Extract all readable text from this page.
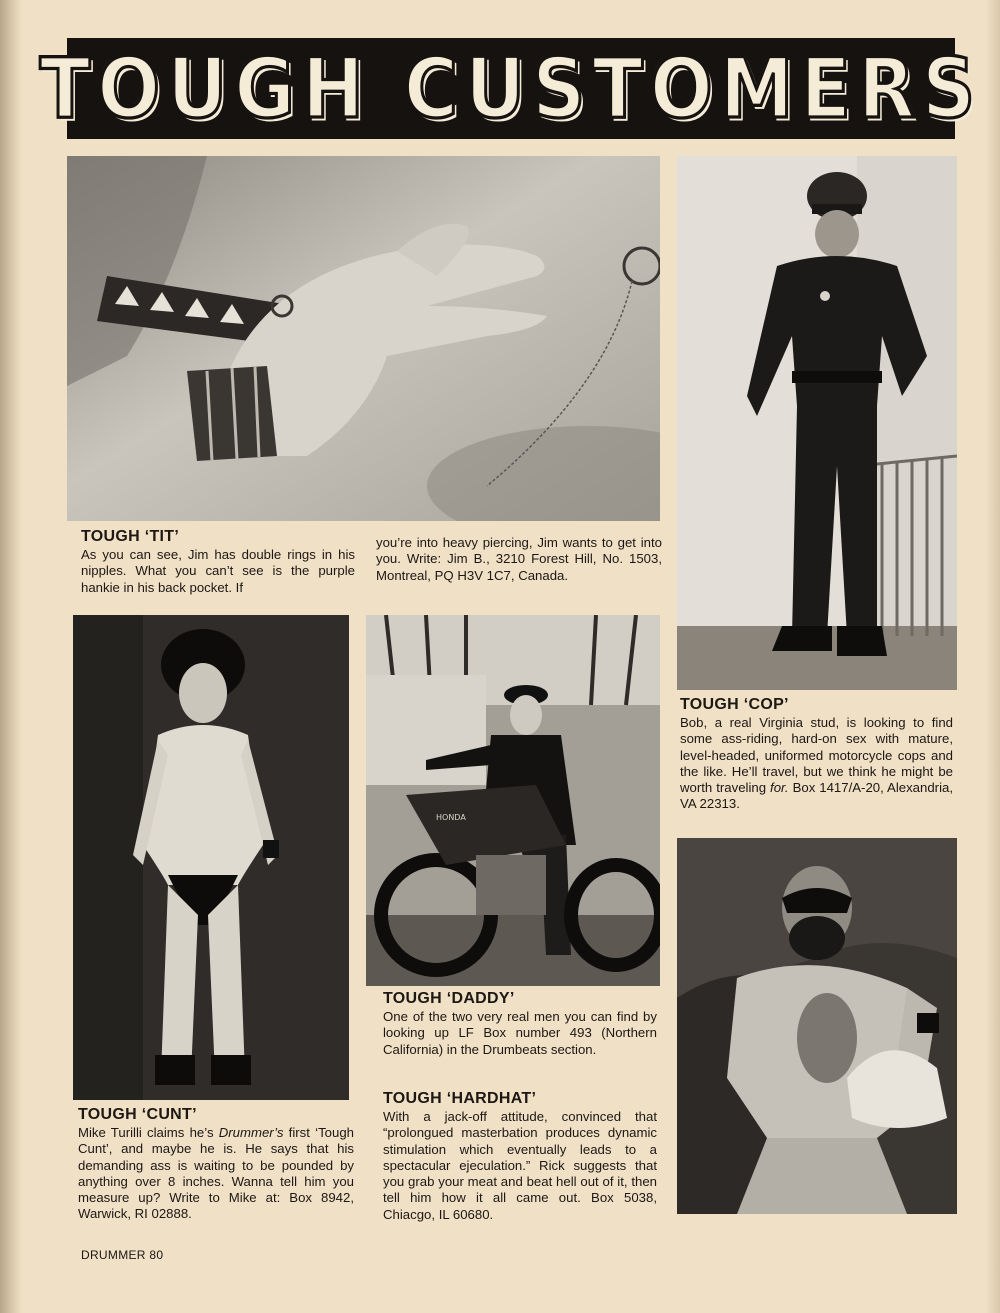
TOUGH CUSTOMERS
HONDA
TOUGH ‘TIT’

As you can see, Jim has double rings in his nipples. What you can’t see is the purple hankie in his back pocket. If

you’re into heavy piercing, Jim wants to get into you. Write: Jim B., 3210 Forest Hill, No. 1503, Montreal, PQ H3V 1C7, Canada.

TOUGH ‘COP’

Bob, a real Virginia stud, is looking to find some ass-riding, hard-on sex with mature, level-headed, uniformed motorcycle cops and the like. He’ll travel, but we think he might be worth traveling for. Box 1417/A-20, Alexandria, VA 22313.

TOUGH ‘DADDY’

One of the two very real men you can find by looking up LF Box number 493 (Northern California) in the Drumbeats section.

TOUGH ‘HARDHAT’

With a jack-off attitude, convinced that “prolongued masterbation produces dynamic stimulation which eventually leads to a spectacular ejeculation.” Rick suggests that you grab your meat and beat hell out of it, then tell him how it all came out. Box 5038, Chiacgo, IL 60680.

TOUGH ‘CUNT’

Mike Turilli claims he’s Drummer’s first ‘Tough Cunt’, and maybe he is. He says that his demanding ass is waiting to be pounded by anything over 8 inches. Wanna tell him you measure up? Write to Mike at: Box 8942, Warwick, RI 02888.

DRUMMER 80
